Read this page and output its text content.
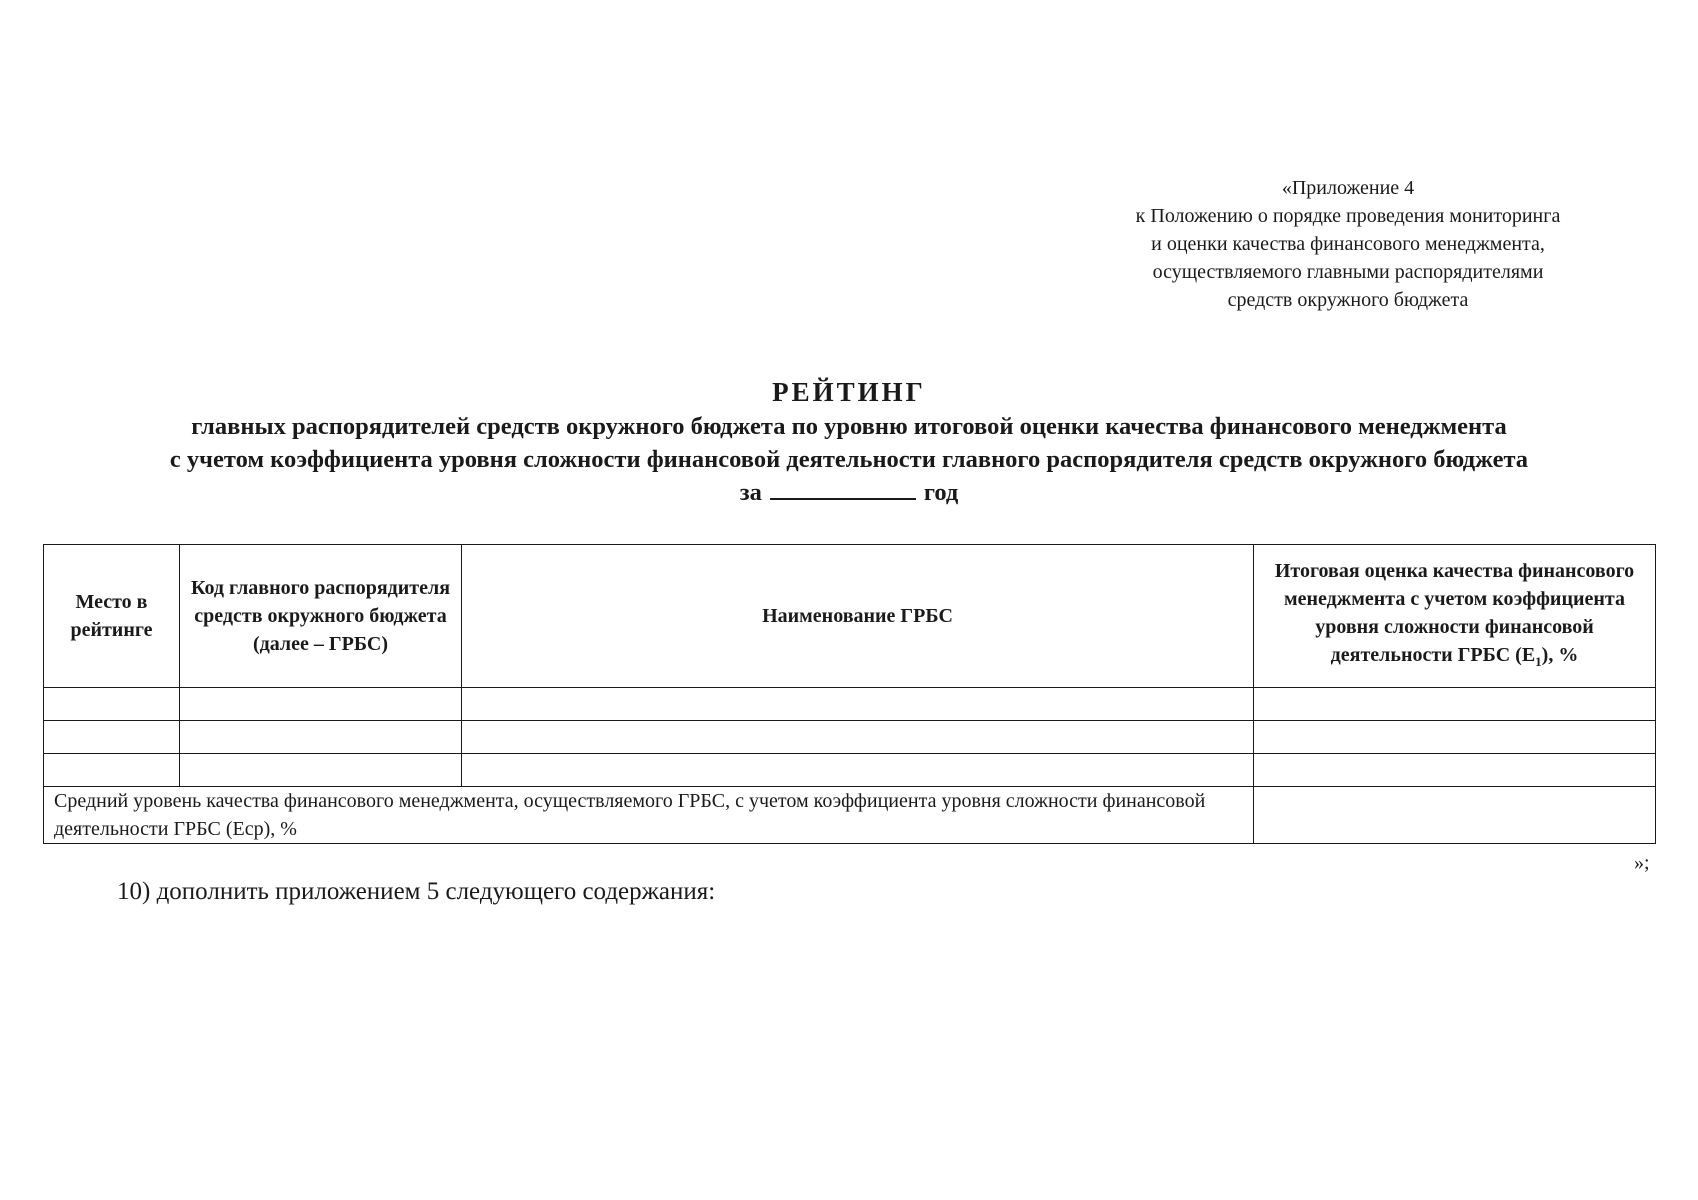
«Приложение 4
к Положению о порядке проведения мониторинга
и оценки качества финансового менеджмента,
осуществляемого главными распорядителями
средств окружного бюджета
РЕЙТИНГ
главных распорядителей средств окружного бюджета по уровню итоговой оценки качества финансового менеджмента
с учетом коэффициента уровня сложности финансовой деятельности главного распорядителя средств окружного бюджета
за	год
Место в рейтинге	Код главного распорядителя средств окружного бюджета (далее – ГРБС)	Наименование ГРБС	Итоговая оценка качества финансового менеджмента с учетом коэффициента уровня сложности финансовой деятельности ГРБС $(Е_1)$, %

Средний уровень качества финансового менеджмента, осуществляемого ГРБС, с учетом коэффициента уровня сложности финансовой деятельности ГРБС (Еср), %			
»;
10) дополнить приложением 5 следующего содержания:
